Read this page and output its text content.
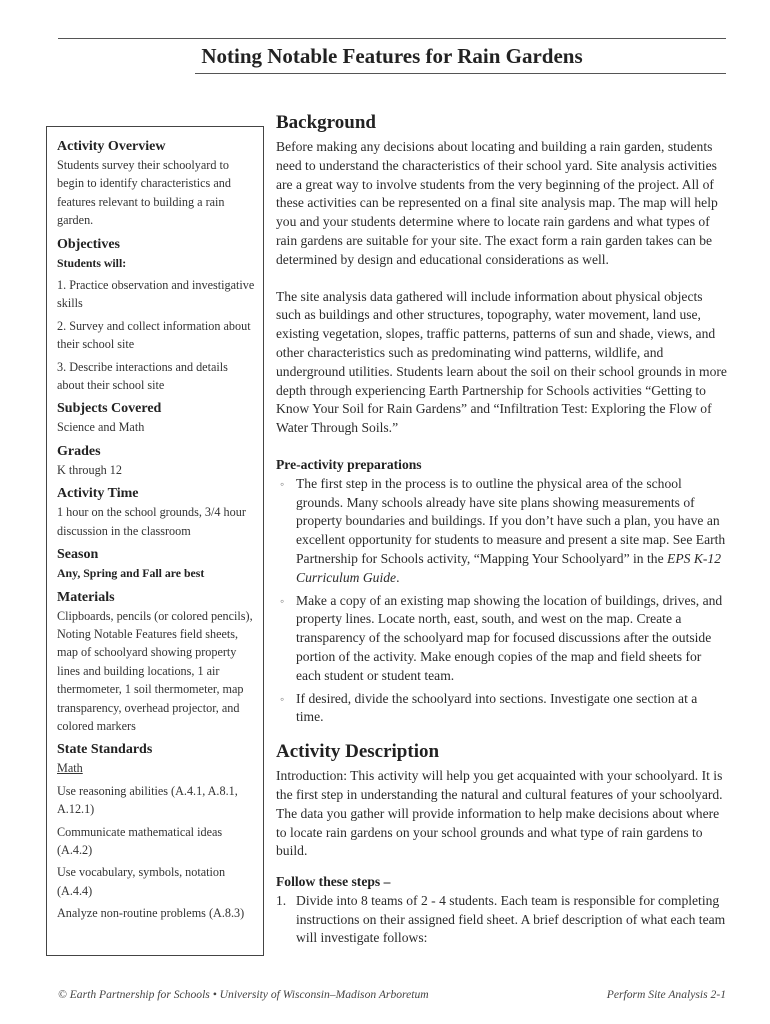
Noting Notable Features for Rain Gardens
Activity Overview
Students survey their schoolyard to begin to identify characteristics and features relevant to building a rain garden.
Objectives
Students will:
1. Practice observation and investigative skills
2. Survey and collect information about their school site
3. Describe interactions and details about their school site
Subjects Covered
Science and Math
Grades
K through 12
Activity Time
1 hour on the school grounds, 3/4 hour discussion in the classroom
Season
Any, Spring and Fall are best
Materials
Clipboards, pencils (or colored pencils), Noting Notable Features field sheets, map of schoolyard showing property lines and building locations, 1 air thermometer, 1 soil thermometer, map transparency, overhead projector, and colored markers
State Standards
Math
Use reasoning abilities (A.4.1, A.8.1, A.12.1)
Communicate mathematical ideas (A.4.2)
Use vocabulary, symbols, notation (A.4.4)
Analyze non-routine problems (A.8.3)
Background
Before making any decisions about locating and building a rain garden, students need to understand the characteristics of their school yard. Site analysis activities are a great way to involve students from the very beginning of the project. All of these activities can be represented on a final site analysis map. The map will help you and your students determine where to locate rain gardens and what types of rain gardens are suitable for your site. The exact form a rain garden takes can be determined by design and educational considerations as well.
The site analysis data gathered will include information about physical objects such as buildings and other structures, topography, water movement, land use, existing vegetation, slopes, traffic patterns, patterns of sun and shade, views, and other characteristics such as predominating wind patterns, wildlife, and underground utilities. Students learn about the soil on their school grounds in more depth through experiencing Earth Partnership for Schools activities “Getting to Know Your Soil for Rain Gardens” and “Infiltration Test: Exploring the Flow of Water Through Soils.”
Pre-activity preparations
◦ The first step in the process is to outline the physical area of the school grounds. Many schools already have site plans showing measurements of property boundaries and buildings. If you don’t have such a plan, you have an excellent opportunity for students to measure and present a site map. See Earth Partnership for Schools activity, “Mapping Your Schoolyard” in the EPS K-12 Curriculum Guide.
◦ Make a copy of an existing map showing the location of buildings, drives, and property lines. Locate north, east, south, and west on the map. Create a transparency of the schoolyard map for focused discussions after the outside portion of the activity. Make enough copies of the map and field sheets for each student or student team.
◦ If desired, divide the schoolyard into sections. Investigate one section at a time.
Activity Description
Introduction: This activity will help you get acquainted with your schoolyard. It is the first step in understanding the natural and cultural features of your schoolyard. The data you gather will provide information to help make decisions about where to locate rain gardens on your school grounds and what type of rain gardens to build.
Follow these steps –
1. Divide into 8 teams of 2 - 4 students. Each team is responsible for completing instructions on their assigned field sheet. A brief description of what each team will investigate follows:
© Earth Partnership for Schools • University of Wisconsin–Madison Arboretum	Perform Site Analysis 2-1
